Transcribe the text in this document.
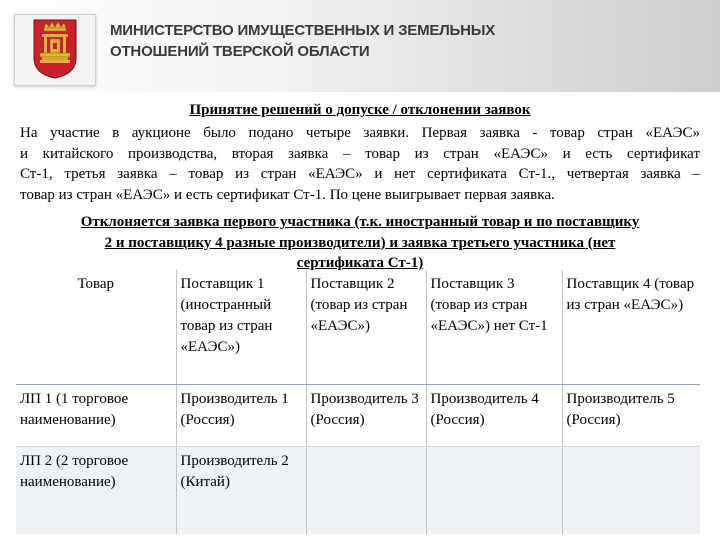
МИНИСТЕРСТВО ИМУЩЕСТВЕННЫХ И ЗЕМЕЛЬНЫХ
ОТНОШЕНИЙ ТВЕРСКОЙ ОБЛАСТИ
Принятие решений о допуске / отклонении заявок
На участие в аукционе было подано четыре заявки. Первая заявка - товар стран «ЕАЭС»
и китайского производства, вторая заявка – товар из стран «ЕАЭС» и есть сертификат
Ст-1, третья заявка – товар из стран «ЕАЭС» и нет сертификата Ст-1., четвертая заявка –
товар из стран «ЕАЭС» и есть сертификат Ст-1. По цене выигрывает первая заявка.
Отклоняется заявка первого участника (т.к. иностранный товар и по поставщику
2 и поставщику 4 разные производители) и заявка третьего участника (нет
сертификата Ст-1)
Товар	Поставщик 1 (иностранный товар из стран «ЕАЭС»)	Поставщик 2 (товар из стран «ЕАЭС»)	Поставщик 3 (товар из стран «ЕАЭС») нет Ст-1	Поставщик 4 (товар из стран «ЕАЭС»)
ЛП 1 (1 торговое наименование)	Производитель 1 (Россия)	Производитель 3 (Россия)	Производитель 4 (Россия)	Производитель 5 (Россия)
ЛП 2 (2 торговое наименование)	Производитель 2 (Китай)			
